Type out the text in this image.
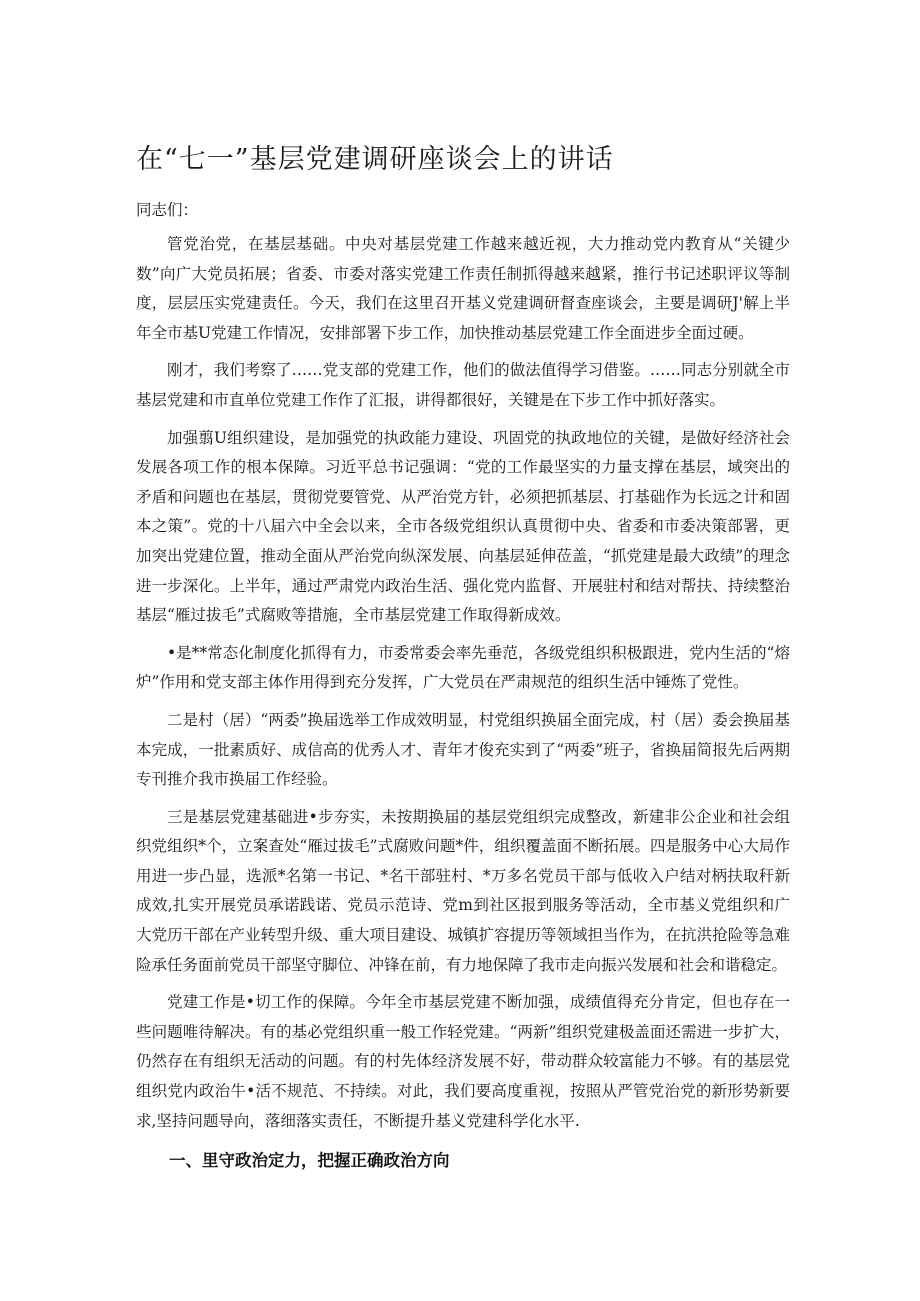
在“七一”基层党建调研座谈会上的讲话

同志们：

管党治党，在基层基础。中央对基层党建工作越来越近视，大力推动党内教育从“关键少数”向广大党员拓展；省委、市委对落实党建工作责任制抓得越来越紧，推行书记述职评议等制度，层层压实党建责任。今天，我们在这里召开基义党建调研督查座谈会，主要是调研J'解上半年全市基U党建工作情况，安排部署下步工作，加快推动基层党建工作全面进步全面过硬。

刚才，我们考察了……党支部的党建工作，他们的做法值得学习借鉴。……同志分别就全市基层党建和市直单位党建工作作了汇报，讲得都很好，关键是在下步工作中抓好落实。

加强翦U组织建设，是加强党的执政能力建设、巩固党的执政地位的关键，是做好经济社会发展各项工作的根本保障。习近平总书记强调：“党的工作最坚实的力量支撑在基层，域突出的矛盾和问题也在基层，贯彻党要管党、从严治党方针，必须把抓基层、打基础作为长远之计和固本之策”。党的十八届六中全会以来，全市各级党组织认真贯彻中央、省委和市委决策部署，更加突出党建位置，推动全面从严治党向纵深发展、向基层延伸莅盖，“抓党建是最大政绩”的理念进一步深化。上半年，通过严肃党内政治生活、强化党内监督、开展驻村和结对帮扶、持续整治基层“雁过拔毛”式腐败等措施，全市基层党建工作取得新成效。

•是**常态化制度化抓得有力，市委常委会率先垂范，各级党组织积极跟进，党内生活的“熔炉”作用和党支部主体作用得到充分发挥，广大党员在严肃规范的组织生活中锤炼了党性。

二是村（居）“两委”换届选举工作成效明显，村党组织换届全面完成，村（居）委会换届基本完成，一批素质好、成信高的优秀人才、青年才俊充实到了“两委”班子，省换届简报先后两期专刊推介我市换届工作经验。

三是基层党建基础进•步夯实，未按期换届的基层党组织完成整改，新建非公企业和社会组织党组织*个，立案查处“雁过拔毛”式腐败问题*件，组织覆盖面不断拓展。四是服务中心大局作用进一步凸显，选派*名第一书记、*名干部驻村、*万多名党员干部与低收入户结对柄扶取秆新成效,扎实开展党员承诺践诺、党员示范诗、党m到社区报到服务等活动，全市基义党组织和广大党历干部在产业转型升级、重大项目建设、城镇扩容提历等领域担当作为，在抗洪抢险等急难险承任务面前党员干部坚守脚位、冲锋在前，有力地保障了我市走向振兴发展和社会和谐稳定。

党建工作是•切工作的保障。今年全市基层党建不断加强，成绩值得充分肯定，但也存在一些问题唯待解决。有的基必党组织重一般工作轻党建。“两新”组织党建极盖面还需进一步扩大，仍然存在有组织无活动的问题。有的村先体经济发展不好，带动群众较富能力不够。有的基层党组织党内政治牛•活不规范、不持续。对此，我们要高度重视，按照从严管党治党的新形势新要求,坚持问题导向，落细落实责任，不断提升基义党建科学化水平.

一、里守政治定力，把握正确政治方向
